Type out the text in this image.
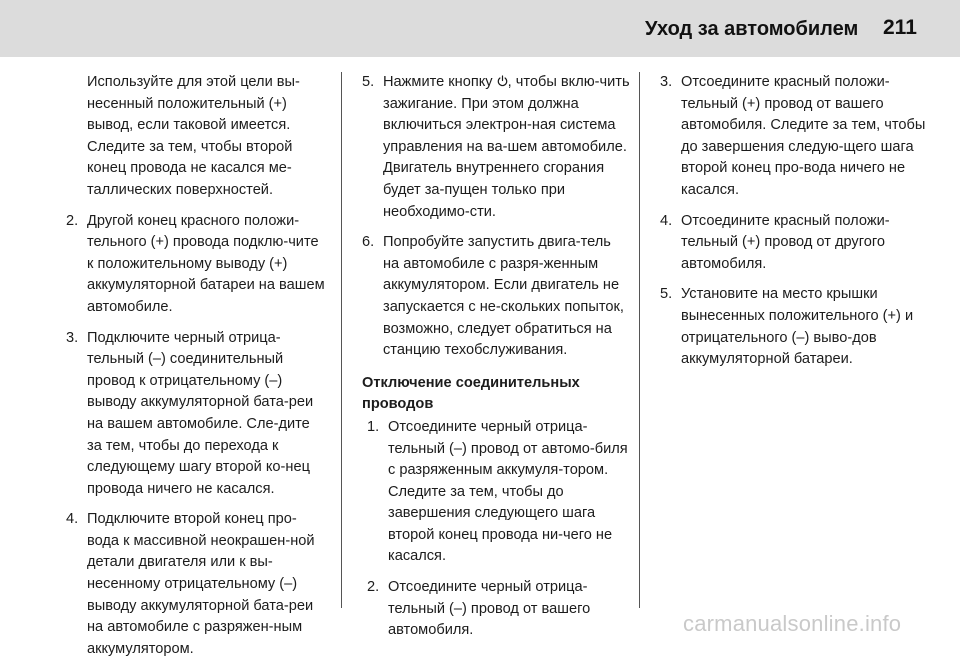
Уход за автомобилем 211

Используйте для этой цели вы-несенный положительный (+) вывод, если таковой имеется. Следите за тем, чтобы второй конец провода не касался ме-таллических поверхностей.

2. Другой конец красного положи-тельного (+) провода подклю-чите к положительному выводу (+) аккумуляторной батареи на вашем автомобиле.
3. Подключите черный отрица-тельный (–) соединительный провод к отрицательному (–) выводу аккумуляторной бата-реи на вашем автомобиле. Сле-дите за тем, чтобы до перехода к следующему шагу второй ко-нец провода ничего не касался.
4. Подключите второй конец про-вода к массивной неокрашен-ной детали двигателя или к вы-несенному отрицательному (–) выводу аккумуляторной бата-реи на автомобиле с разряжен-ным аккумулятором.
5. Нажмите кнопку , чтобы вклю-чить зажигание. При этом должна включиться электрон-ная система управления на ва-шем автомобиле. Двигатель внутреннего сгорания будет за-пущен только при необходимо-сти.
6. Попробуйте запустить двига-тель на автомобиле с разря-женным аккумулятором. Если двигатель не запускается с не-скольких попыток, возможно, следует обратиться на станцию техобслуживания.
Отключение соединительных проводов
1. Отсоедините черный отрица-тельный (–) провод от автомо-биля с разряженным аккумуля-тором. Следите за тем, чтобы до завершения следующего шага второй конец провода ни-чего не касался.
2. Отсоедините черный отрица-тельный (–) провод от вашего автомобиля.
3. Отсоедините красный положи-тельный (+) провод от вашего автомобиля. Следите за тем, чтобы до завершения следую-щего шага второй конец про-вода ничего не касался.
4. Отсоедините красный положи-тельный (+) провод от другого автомобиля.
5. Установите на место крышки вынесенных положительного (+) и отрицательного (–) выво-дов аккумуляторной батареи.
carmanualsonline.info
